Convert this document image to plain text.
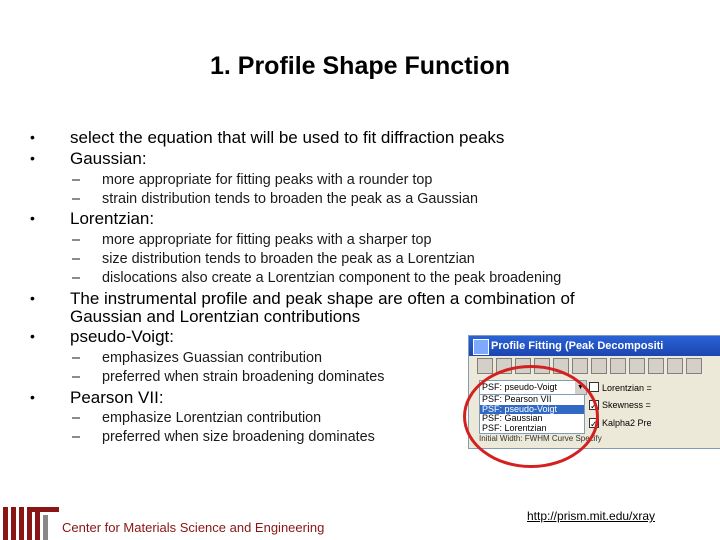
1. Profile Shape Function
• select the equation that will be used to fit diffraction peaks
• Gaussian:
– more appropriate for fitting peaks with a rounder top
– strain distribution tends to broaden the peak as a Gaussian
• Lorentzian:
– more appropriate for fitting peaks with a sharper top
– size distribution tends to broaden the peak as a Lorentzian
– dislocations also create a Lorentzian component to the peak broadening
• The instrumental profile and peak shape are often a combination of
Gaussian and Lorentzian contributions
• pseudo-Voigt:
– emphasizes Guassian contribution
– preferred when strain broadening dominates
• Pearson VII:
– emphasize Lorentzian contribution
– preferred when size broadening dominates
Profile Fitting (Peak Decompositi
PSF: pseudo-Voigt	▼
PSF: Pearson VII
PSF: pseudo-Voigt
PSF: Gaussian
PSF: Lorentzian
Lorentzian =
✓ Skewness =
✓ Kalpha2 Pre
Initial Width: FWHM Curve Specify
Center for Materials Science and Engineering
http://prism.mit.edu/xray
